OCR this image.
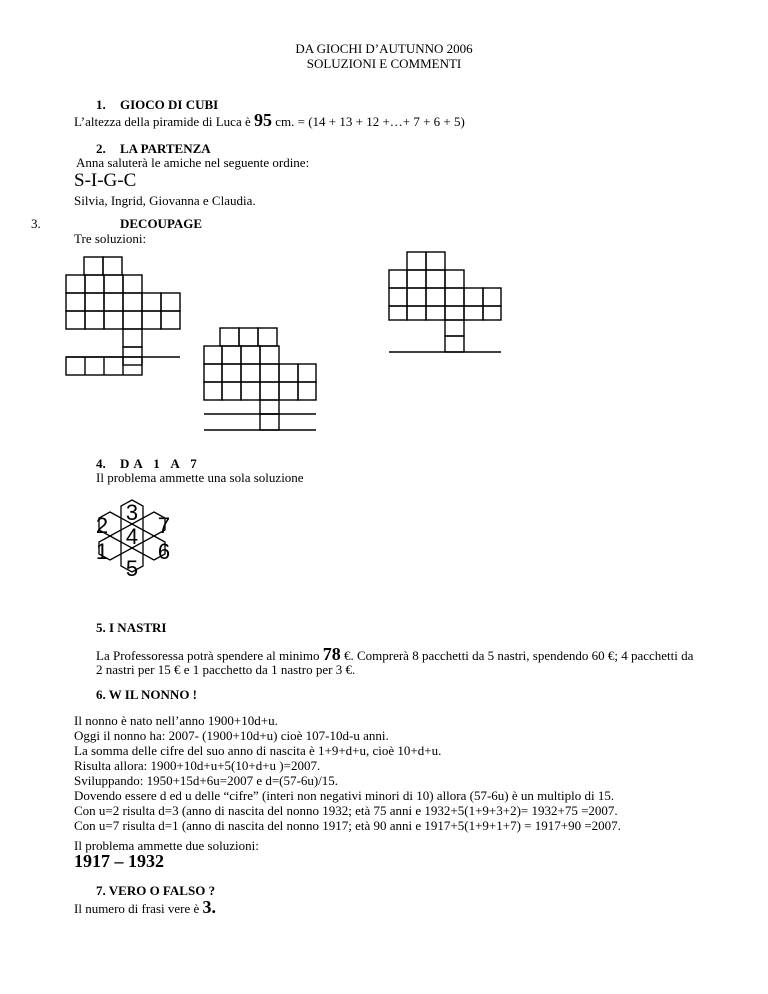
DA GIOCHI D’AUTUNNO 2006
SOLUZIONI E COMMENTI
1. GIOCO DI CUBI
L’altezza della piramide di Luca è 95 cm. = (14 + 13 + 12 +…+ 7 + 6 + 5)
2. LA PARTENZA
Anna saluterà le amiche nel seguente ordine:
S-I-G-C
Silvia, Ingrid, Giovanna e Claudia.
3.	DECOUPAGE
Tre soluzioni:
4. DA 1 A 7
Il problema ammette una sola soluzione
3
2 7
4
1 6
5
5. I NASTRI
La Professoressa potrà spendere al minimo 78 €. Comprerà 8 pacchetti da 5 nastri, spendendo 60 €; 4 pacchetti da
2 nastri per 15 € e 1 pacchetto da 1 nastro per 3 €.
6. W IL NONNO !
Il nonno è nato nell’anno 1900+10d+u.
Oggi il nonno ha: 2007- (1900+10d+u) cioè 107-10d-u anni.
La somma delle cifre del suo anno di nascita è 1+9+d+u, cioè 10+d+u.
Risulta allora: 1900+10d+u+5(10+d+u )=2007.
Sviluppando: 1950+15d+6u=2007 e d=(57-6u)/15.
Dovendo essere d ed u delle “cifre” (interi non negativi minori di 10) allora (57-6u) è un multiplo di 15.
Con u=2 risulta d=3 (anno di nascita del nonno 1932; età 75 anni e 1932+5(1+9+3+2)= 1932+75 =2007.
Con u=7 risulta d=1 (anno di nascita del nonno 1917; età 90 anni e 1917+5(1+9+1+7) = 1917+90 =2007.
Il problema ammette due soluzioni:
1917 – 1932
7. VERO O FALSO ?
Il numero di frasi vere è 3.
